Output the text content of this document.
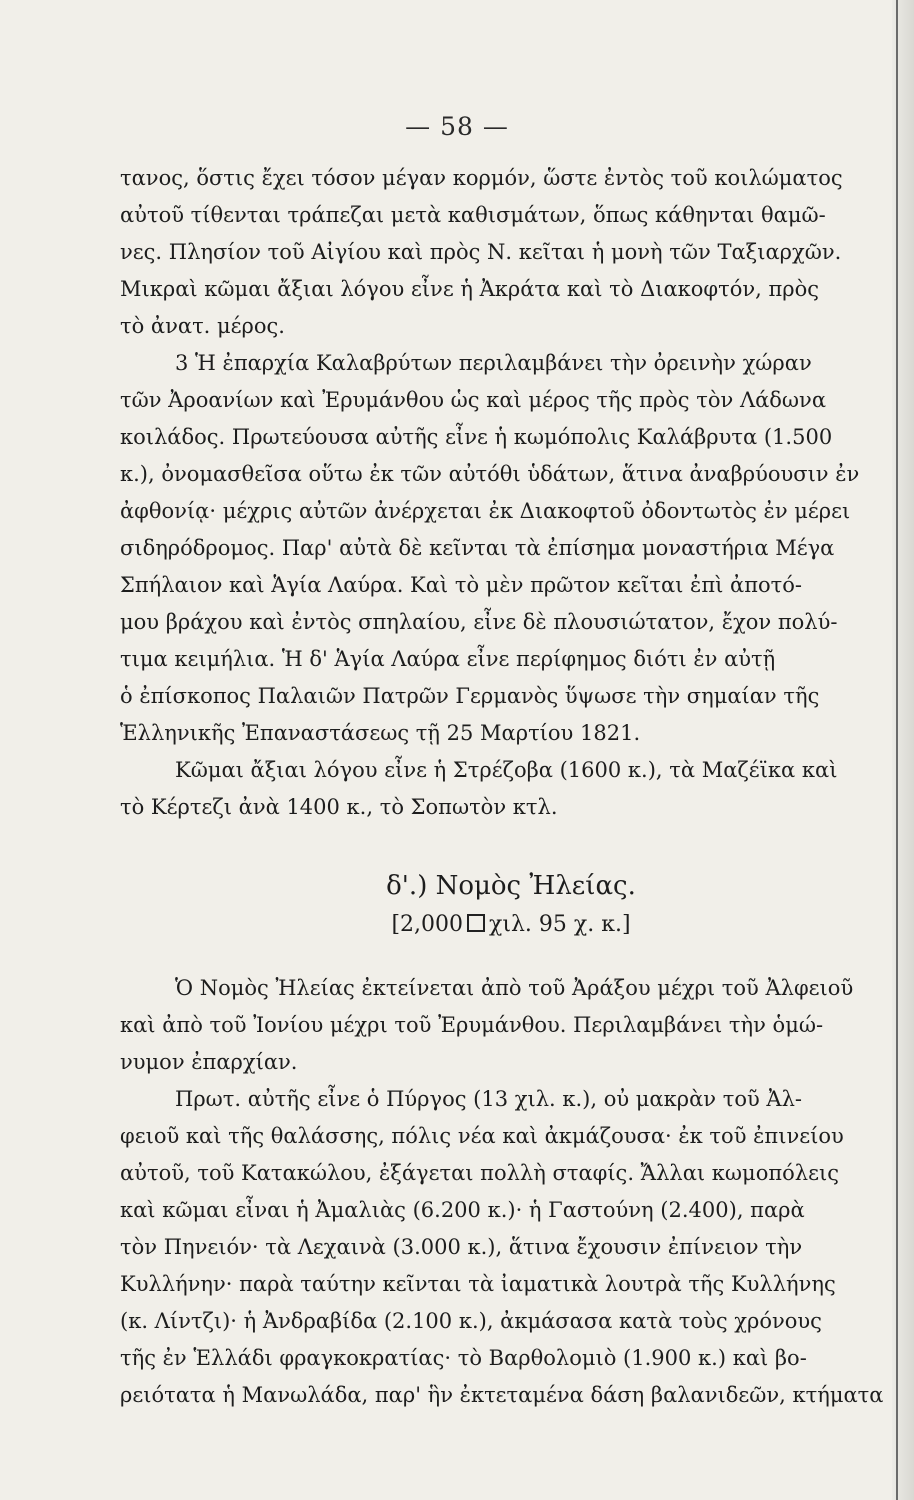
— 58 —
τανος, ὅστις ἔχει τόσον μέγαν κορμόν, ὥστε ἐντὸς τοῦ κοιλώματος
αὐτοῦ τίθενται τράπεζαι μετὰ καθισμάτων, ὅπως κάθηνται θαμῶ-
νες. Πλησίον τοῦ Αἰγίου καὶ πρὸς Ν. κεῖται ἡ μονὴ τῶν Ταξιαρχῶν.
Μικραὶ κῶμαι ἄξιαι λόγου εἶνε ἡ Ἀκράτα καὶ τὸ Διακοφτόν, πρὸς
τὸ ἀνατ. μέρος.
3 Ἡ ἐπαρχία Καλαβρύτων περιλαμβάνει τὴν ὀρεινὴν χώραν
τῶν Ἀροανίων καὶ Ἐρυμάνθου ὡς καὶ μέρος τῆς πρὸς τὸν Λάδωνα
κοιλάδος. Πρωτεύουσα αὐτῆς εἶνε ἡ κωμόπολις Καλάβρυτα (1.500
κ.), ὀνομασθεῖσα οὕτω ἐκ τῶν αὐτόθι ὑδάτων, ἅτινα ἀναβρύουσιν ἐν
ἀφθονίᾳ· μέχρις αὐτῶν ἀνέρχεται ἐκ Διακοφτοῦ ὀδοντωτὸς ἐν μέρει
σιδηρόδρομος. Παρ' αὐτὰ δὲ κεῖνται τὰ ἐπίσημα μοναστήρια Μέγα
Σπήλαιον καὶ Ἁγία Λαύρα. Καὶ τὸ μὲν πρῶτον κεῖται ἐπὶ ἀποτό-
μου βράχου καὶ ἐντὸς σπηλαίου, εἶνε δὲ πλουσιώτατον, ἔχον πολύ-
τιμα κειμήλια. Ἡ δ' Ἁγία Λαύρα εἶνε περίφημος διότι ἐν αὐτῇ
ὁ ἐπίσκοπος Παλαιῶν Πατρῶν Γερμανὸς ὕψωσε τὴν σημαίαν τῆς
Ἑλληνικῆς Ἐπαναστάσεως τῇ 25 Μαρτίου 1821.
Κῶμαι ἄξιαι λόγου εἶνε ἡ Στρέζοβα (1600 κ.), τὰ Μαζέϊκα καὶ
τὸ Κέρτεζι ἀνὰ 1400 κ., τὸ Σοπωτὸν κτλ.
δ'.) Νομὸς Ἠλείας.
[2,000 χιλ. 95 χ. κ.]
Ὁ Νομὸς Ἠλείας ἐκτείνεται ἀπὸ τοῦ Ἀράξου μέχρι τοῦ Ἀλφειοῦ
καὶ ἀπὸ τοῦ Ἰονίου μέχρι τοῦ Ἐρυμάνθου. Περιλαμβάνει τὴν ὁμώ-
νυμον ἐπαρχίαν.
Πρωτ. αὐτῆς εἶνε ὁ Πύργος (13 χιλ. κ.), οὐ μακρὰν τοῦ Ἀλ-
φειοῦ καὶ τῆς θαλάσσης, πόλις νέα καὶ ἀκμάζουσα· ἐκ τοῦ ἐπινείου
αὐτοῦ, τοῦ Κατακώλου, ἐξάγεται πολλὴ σταφίς. Ἄλλαι κωμοπόλεις
καὶ κῶμαι εἶναι ἡ Ἀμαλιὰς (6.200 κ.)· ἡ Γαστούνη (2.400), παρὰ
τὸν Πηνειόν· τὰ Λεχαινὰ (3.000 κ.), ἅτινα ἔχουσιν ἐπίνειον τὴν
Κυλλήνην· παρὰ ταύτην κεῖνται τὰ ἰαματικὰ λουτρὰ τῆς Κυλλήνης
(κ. Λίντζι)· ἡ Ἀνδραβίδα (2.100 κ.), ἀκμάσασα κατὰ τοὺς χρόνους
τῆς ἐν Ἑλλάδι φραγκοκρατίας· τὸ Βαρθολομιὸ (1.900 κ.) καὶ βο-
ρειότατα ἡ Μανωλάδα, παρ' ἣν ἐκτεταμένα δάση βαλανιδεῶν, κτήματα
